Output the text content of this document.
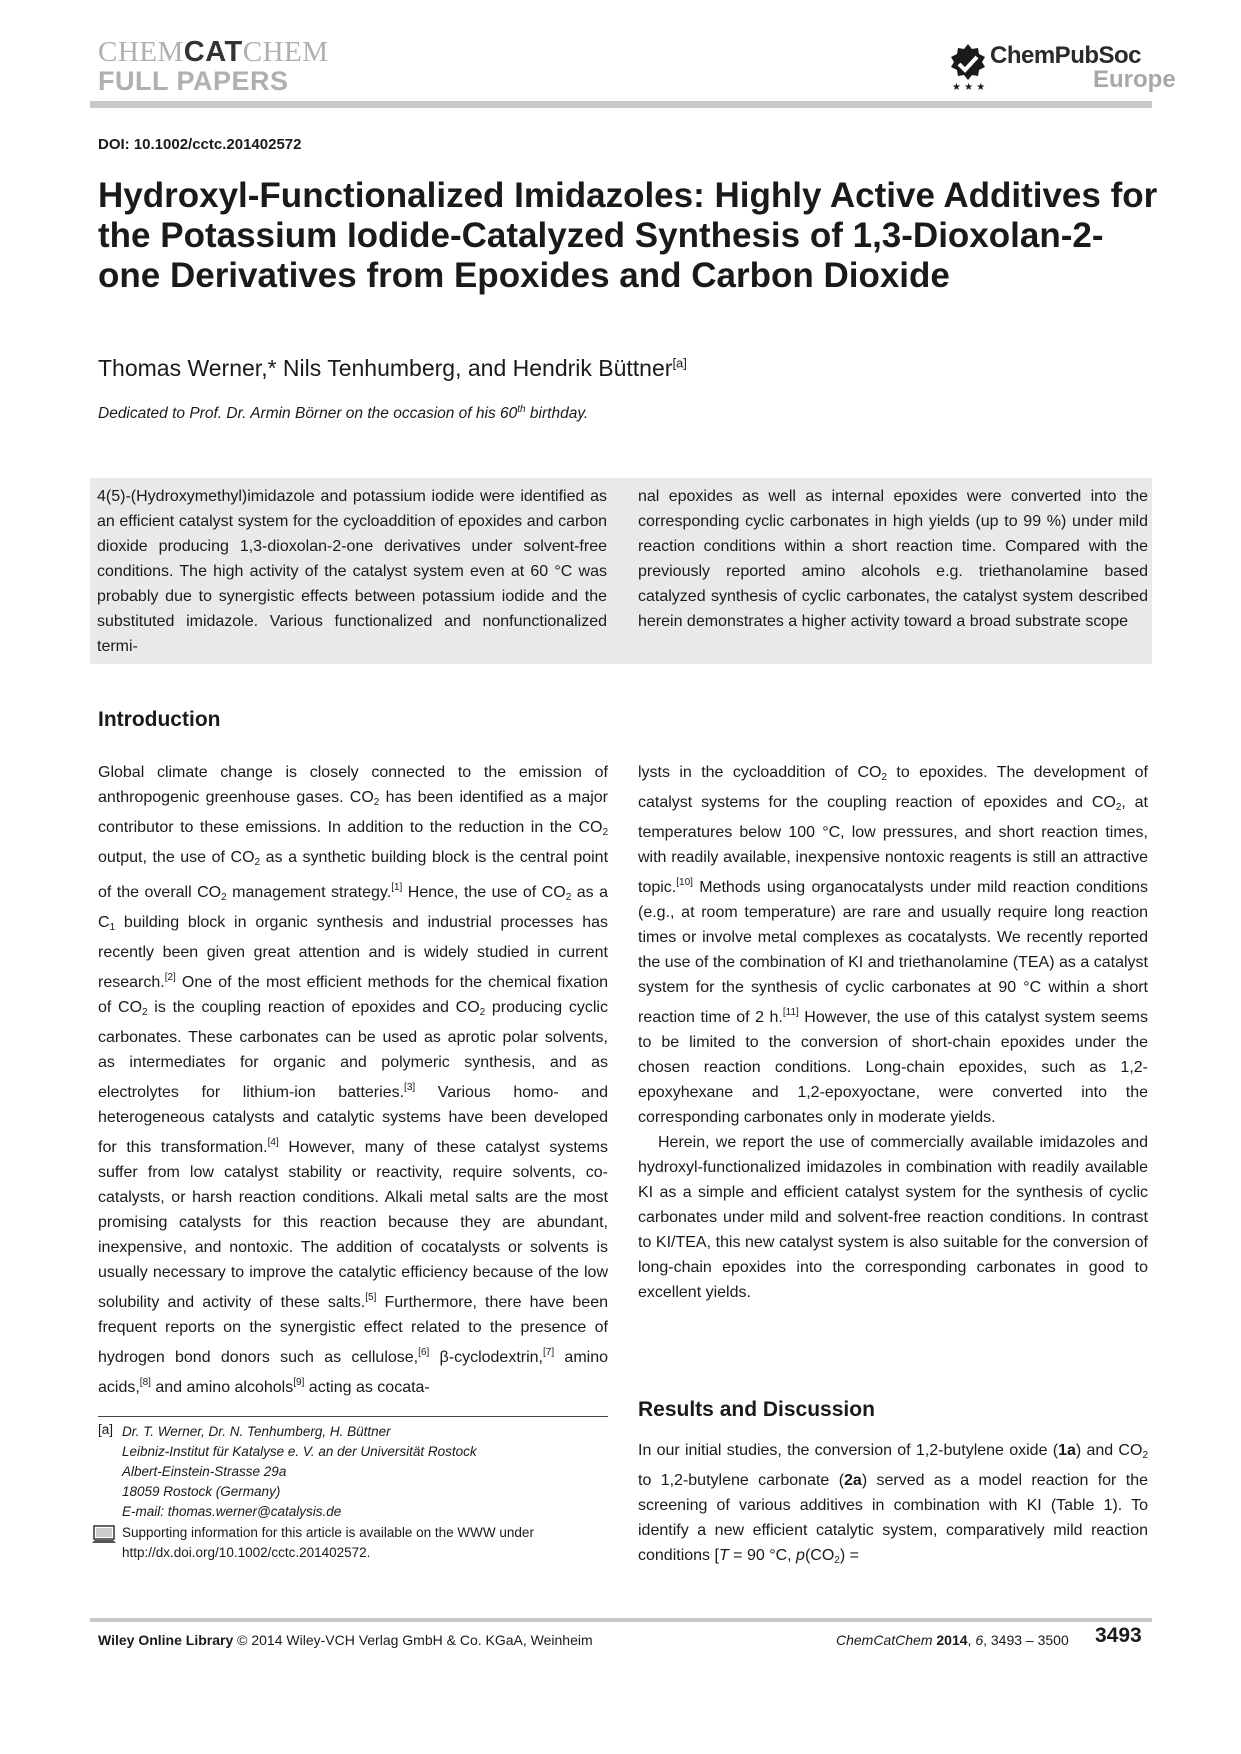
CHEMCATCHEM
FULL PAPERS	★ ★ ★
ChemPubSoc
Europe
DOI: 10.1002/cctc.201402572
Hydroxyl-Functionalized Imidazoles: Highly Active Additives for the Potassium Iodide-Catalyzed Synthesis of 1,3-Dioxolan-2-one Derivatives from Epoxides and Carbon Dioxide
Thomas Werner,* Nils Tenhumberg, and Hendrik Büttner[a]
Dedicated to Prof. Dr. Armin Börner on the occasion of his 60th birthday.
4(5)-(Hydroxymethyl)imidazole and potassium iodide were identified as an efficient catalyst system for the cycloaddition of epoxides and carbon dioxide producing 1,3-dioxolan-2-one derivatives under solvent-free conditions. The high activity of the catalyst system even at 60 °C was probably due to synergistic effects between potassium iodide and the substituted imidazole. Various functionalized and nonfunctionalized termi-
nal epoxides as well as internal epoxides were converted into the corresponding cyclic carbonates in high yields (up to 99 %) under mild reaction conditions within a short reaction time. Compared with the previously reported amino alcohols e.g. triethanolamine based catalyzed synthesis of cyclic carbonates, the catalyst system described herein demonstrates a higher activity toward a broad substrate scope
Introduction

Global climate change is closely connected to the emission of anthropogenic greenhouse gases. $CO_2$ has been identified as a major contributor to these emissions. In addition to the reduction in the $CO_2$ output, the use of $CO_2$ as a synthetic building block is the central point of the overall $CO_2$ management strategy.[1] Hence, the use of $CO_2$ as a $C_1$ building block in organic synthesis and industrial processes has recently been given great attention and is widely studied in current research.[2] One of the most efficient methods for the chemical fixation of $CO_2$ is the coupling reaction of epoxides and $CO_2$ producing cyclic carbonates. These carbonates can be used as aprotic polar solvents, as intermediates for organic and polymeric synthesis, and as electrolytes for lithium-ion batteries.[3] Various homo- and heterogeneous catalysts and catalytic systems have been developed for this transformation.[4] However, many of these catalyst systems suffer from low catalyst stability or reactivity, require solvents, co-catalysts, or harsh reaction conditions. Alkali metal salts are the most promising catalysts for this reaction because they are abundant, inexpensive, and nontoxic. The addition of cocatalysts or solvents is usually necessary to improve the catalytic efficiency because of the low solubility and activity of these salts.[5] Furthermore, there have been frequent reports on the synergistic effect related to the presence of hydrogen bond donors such as cellulose,[6] β-cyclodextrin,[7] amino acids,[8] and amino alcohols[9] acting as cocata-

lysts in the cycloaddition of $CO_2$ to epoxides. The development of catalyst systems for the coupling reaction of epoxides and $CO_2$, at temperatures below 100 °C, low pressures, and short reaction times, with readily available, inexpensive nontoxic reagents is still an attractive topic.[10] Methods using organocatalysts under mild reaction conditions (e.g., at room temperature) are rare and usually require long reaction times or involve metal complexes as cocatalysts. We recently reported the use of the combination of KI and triethanolamine (TEA) as a catalyst system for the synthesis of cyclic carbonates at 90 °C within a short reaction time of 2 h.[11] However, the use of this catalyst system seems to be limited to the conversion of short-chain epoxides under the chosen reaction conditions. Long-chain epoxides, such as 1,2-epoxyhexane and 1,2-epoxyoctane, were converted into the corresponding carbonates only in moderate yields.

Herein, we report the use of commercially available imidazoles and hydroxyl-functionalized imidazoles in combination with readily available KI as a simple and efficient catalyst system for the synthesis of cyclic carbonates under mild and solvent-free reaction conditions. In contrast to KI/TEA, this new catalyst system is also suitable for the conversion of long-chain epoxides into the corresponding carbonates in good to excellent yields.

Results and Discussion

In our initial studies, the conversion of 1,2-butylene oxide (1a) and $CO_2$ to 1,2-butylene carbonate (2a) served as a model reaction for the screening of various additives in combination with KI (Table 1). To identify a new efficient catalytic system, comparatively mild reaction conditions [T = 90 °C, $p(CO_2)$ =

[a] Dr. T. Werner, Dr. N. Tenhumberg, H. Büttner
Leibniz-Institut für Katalyse e. V. an der Universität Rostock
Albert-Einstein-Strasse 29a
18059 Rostock (Germany)
E-mail: thomas.werner@catalysis.de
Supporting information for this article is available on the WWW under http://dx.doi.org/10.1002/cctc.201402572.
Wiley Online Library © 2014 Wiley-VCH Verlag GmbH & Co. KGaA, Weinheim	ChemCatChem 2014, 6, 3493 – 3500 3493
